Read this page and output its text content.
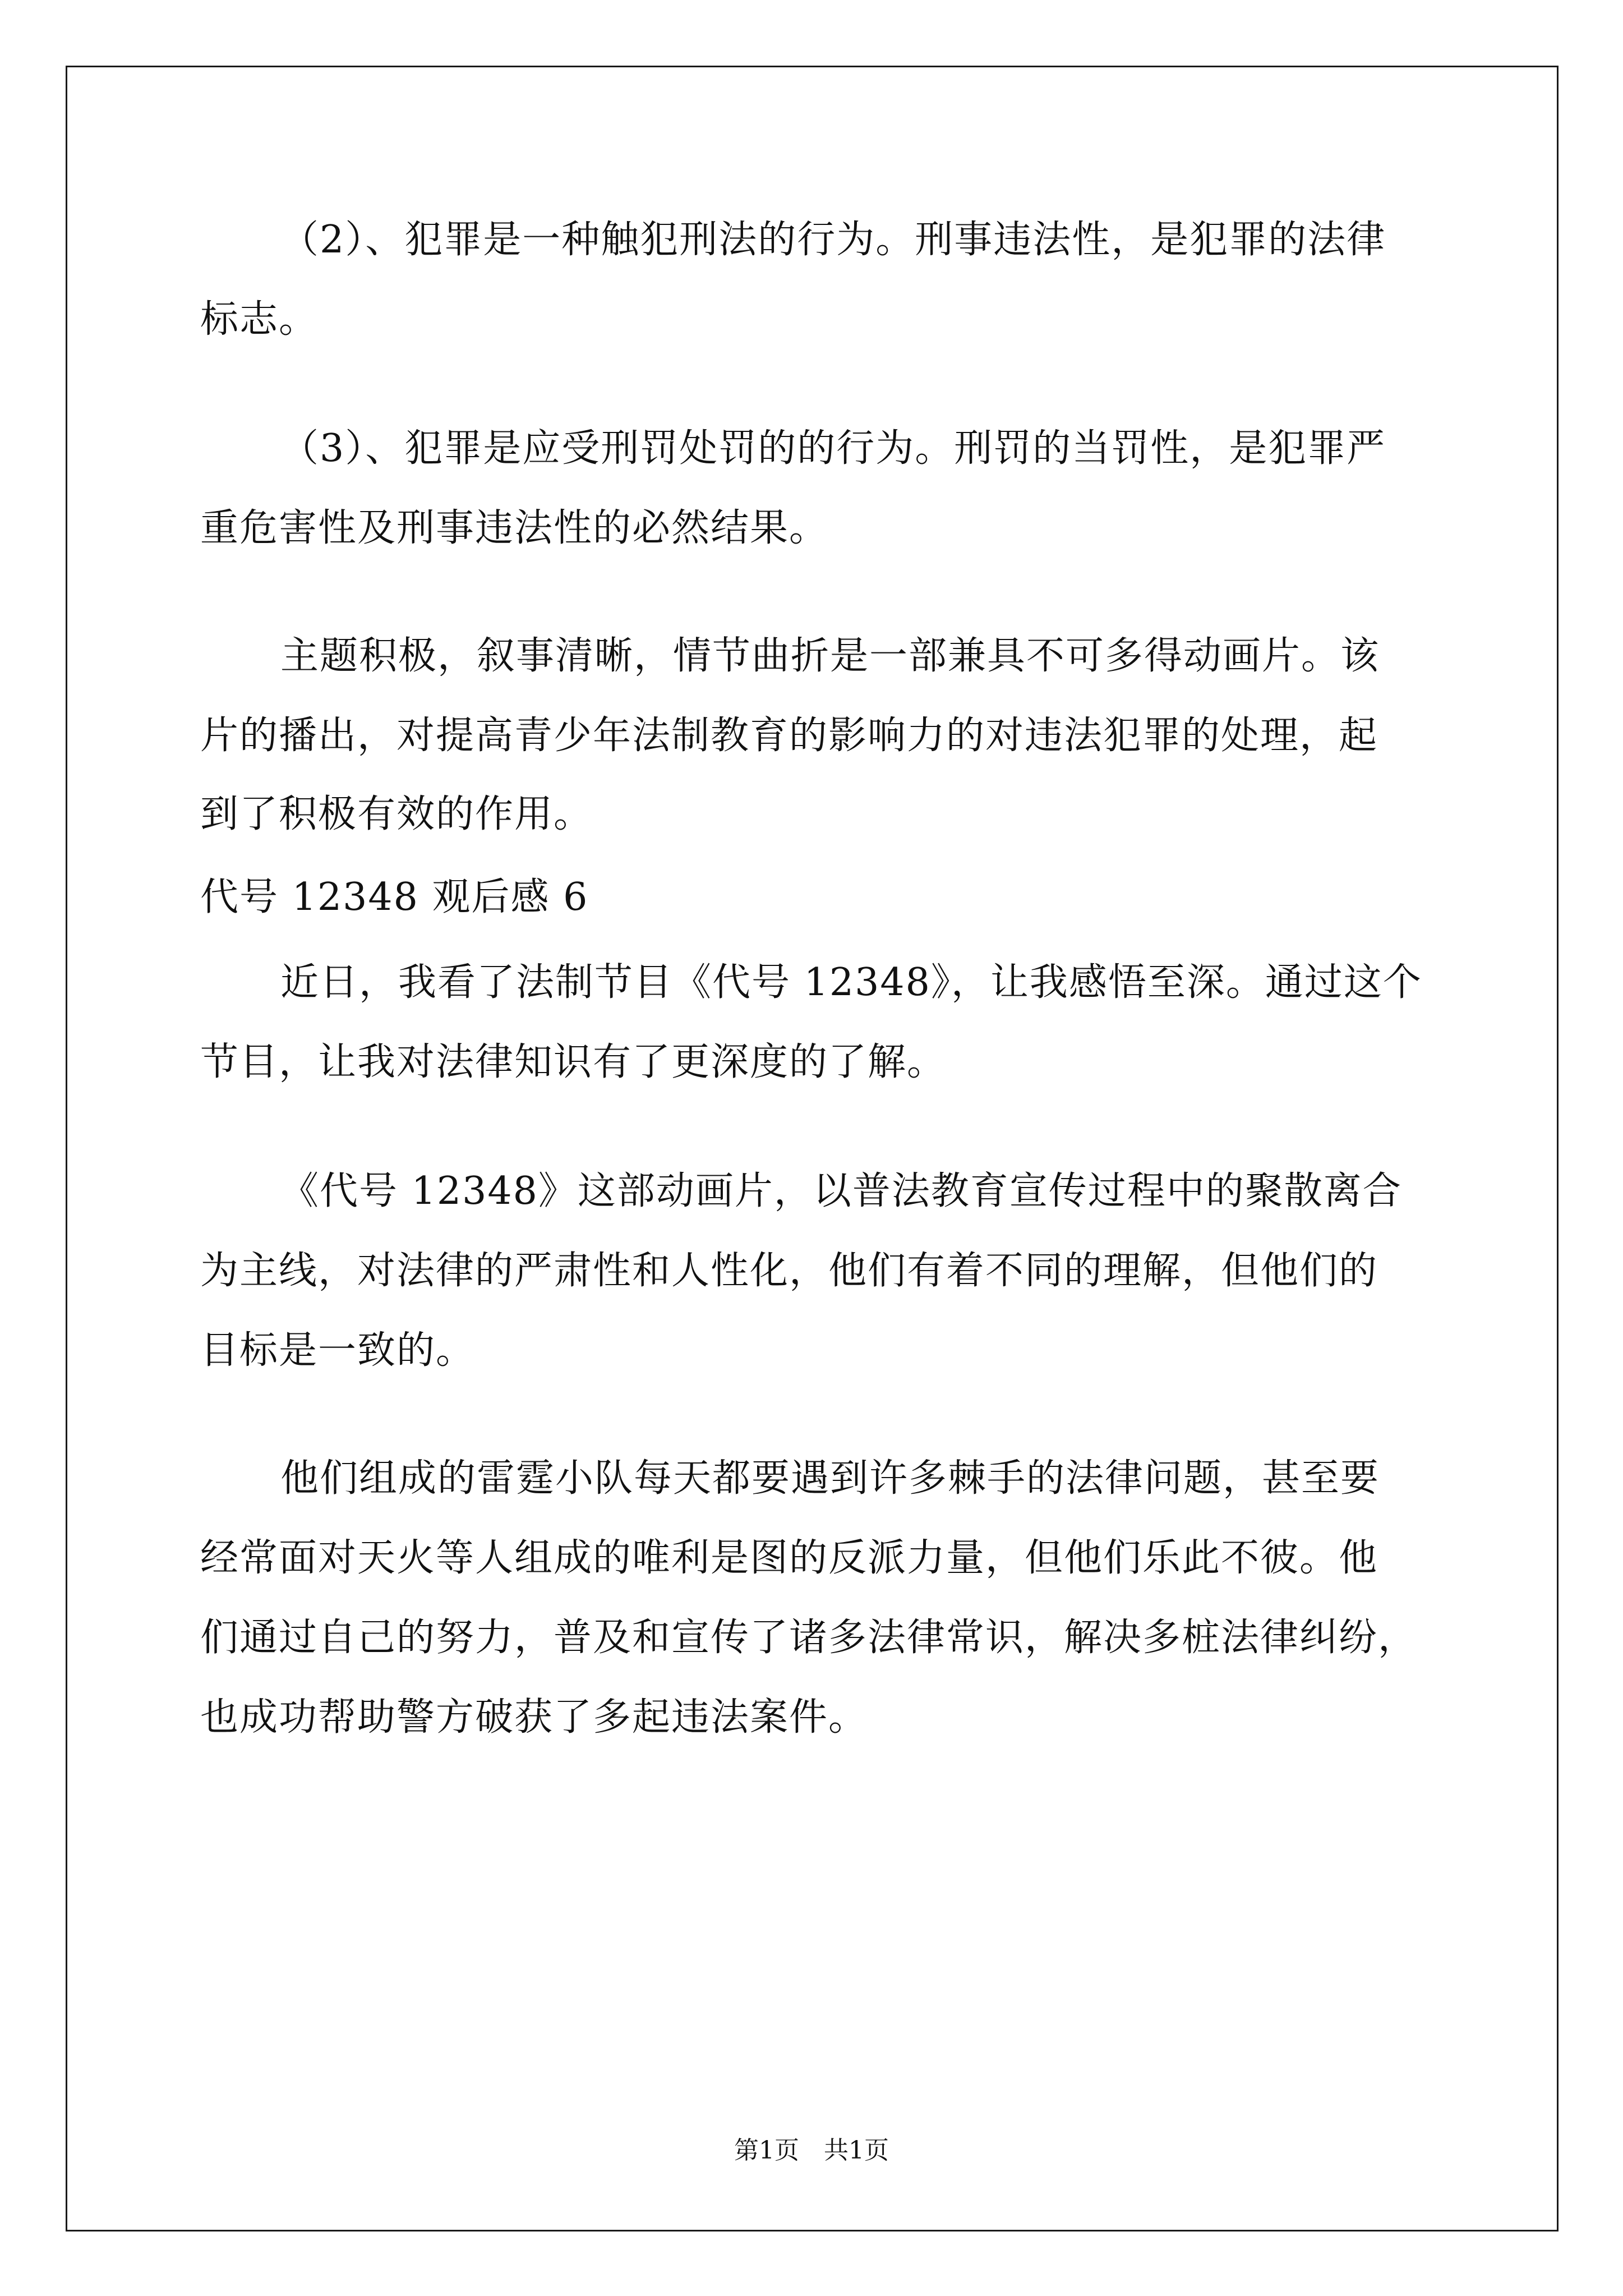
（2）、犯罪是一种触犯刑法的行为。刑事违法性，是犯罪的法律
标志。
（3）、犯罪是应受刑罚处罚的的行为。刑罚的当罚性，是犯罪严
重危害性及刑事违法性的必然结果。
主题积极，叙事清晰，情节曲折是一部兼具不可多得动画片。该
片的播出，对提高青少年法制教育的影响力的对违法犯罪的处理，起
到了积极有效的作用。
代号 12348 观后感 6
近日，我看了法制节目《代号 12348》，让我感悟至深。通过这个
节目，让我对法律知识有了更深度的了解。
《代号 12348》这部动画片，以普法教育宣传过程中的聚散离合
为主线，对法律的严肃性和人性化，他们有着不同的理解，但他们的
目标是一致的。
他们组成的雷霆小队每天都要遇到许多棘手的法律问题，甚至要
经常面对天火等人组成的唯利是图的反派力量，但他们乐此不彼。他
们通过自己的努力，普及和宣传了诸多法律常识，解决多桩法律纠纷，
也成功帮助警方破获了多起违法案件。
第1页　共1页
